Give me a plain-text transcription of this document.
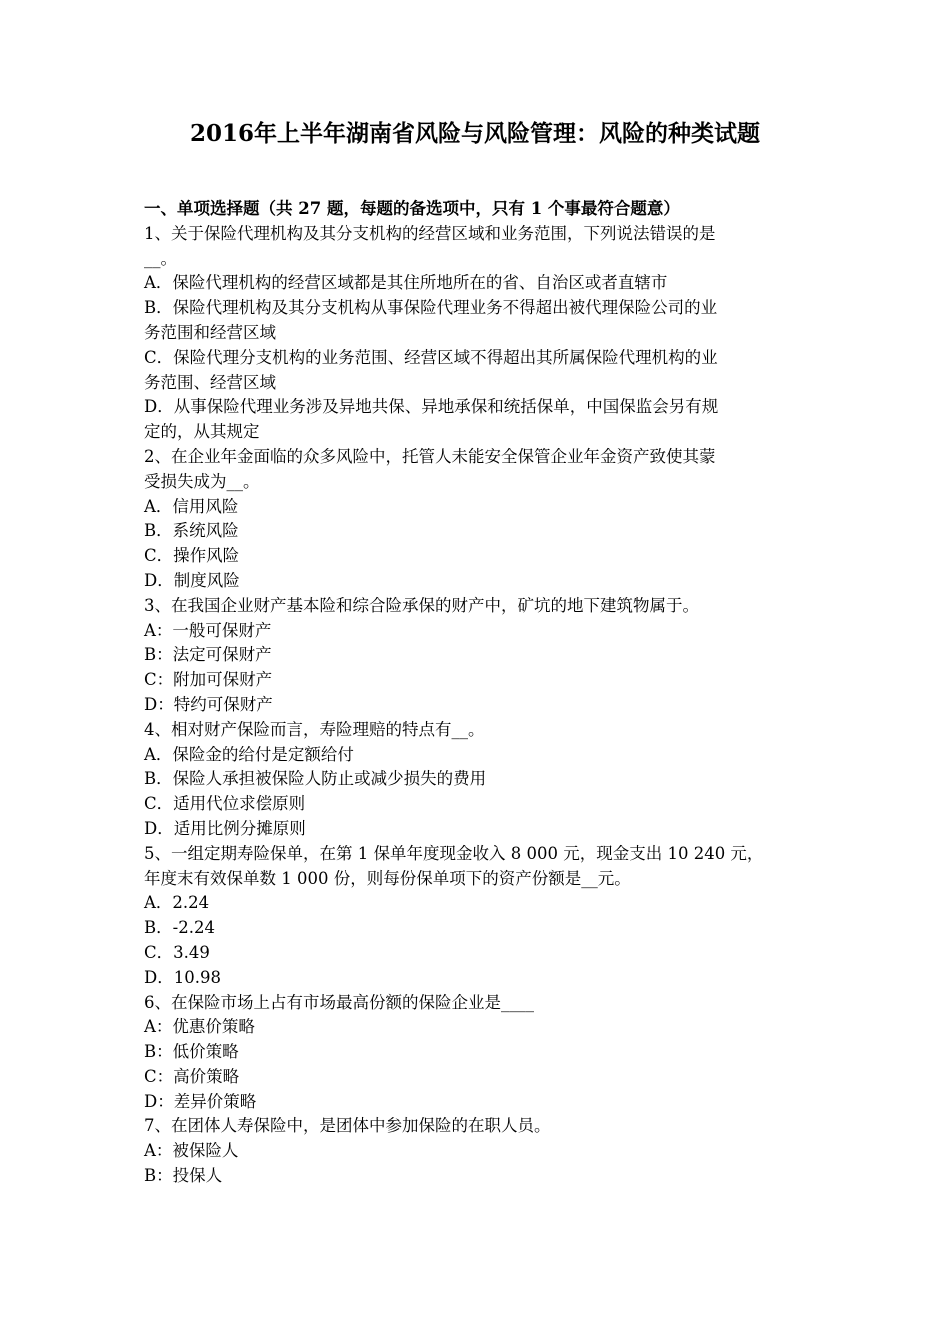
2016年上半年湖南省风险与风险管理：风险的种类试题
一、单项选择题（共 27 题，每题的备选项中，只有 1 个事最符合题意）
1、关于保险代理机构及其分支机构的经营区域和业务范围，下列说法错误的是
__。
A．保险代理机构的经营区域都是其住所地所在的省、自治区或者直辖市
B．保险代理机构及其分支机构从事保险代理业务不得超出被代理保险公司的业
务范围和经营区域
C．保险代理分支机构的业务范围、经营区域不得超出其所属保险代理机构的业
务范围、经营区域
D．从事保险代理业务涉及异地共保、异地承保和统括保单，中国保监会另有规
定的，从其规定
2、在企业年金面临的众多风险中，托管人未能安全保管企业年金资产致使其蒙
受损失成为__。
A．信用风险
B．系统风险
C．操作风险
D．制度风险
3、在我国企业财产基本险和综合险承保的财产中，矿坑的地下建筑物属于。
A：一般可保财产
B：法定可保财产
C：附加可保财产
D：特约可保财产
4、相对财产保险而言，寿险理赔的特点有__。
A．保险金的给付是定额给付
B．保险人承担被保险人防止或减少损失的费用
C．适用代位求偿原则
D．适用比例分摊原则
5、一组定期寿险保单，在第 1 保单年度现金收入 8 000 元，现金支出 10 240 元，
年度末有效保单数 1 000 份，则每份保单项下的资产份额是__元。
A．2.24
B．-2.24
C．3.49
D．10.98
6、在保险市场上占有市场最高份额的保险企业是____
A：优惠价策略
B：低价策略
C：高价策略
D：差异价策略
7、在团体人寿保险中，是团体中参加保险的在职人员。
A：被保险人
B：投保人
